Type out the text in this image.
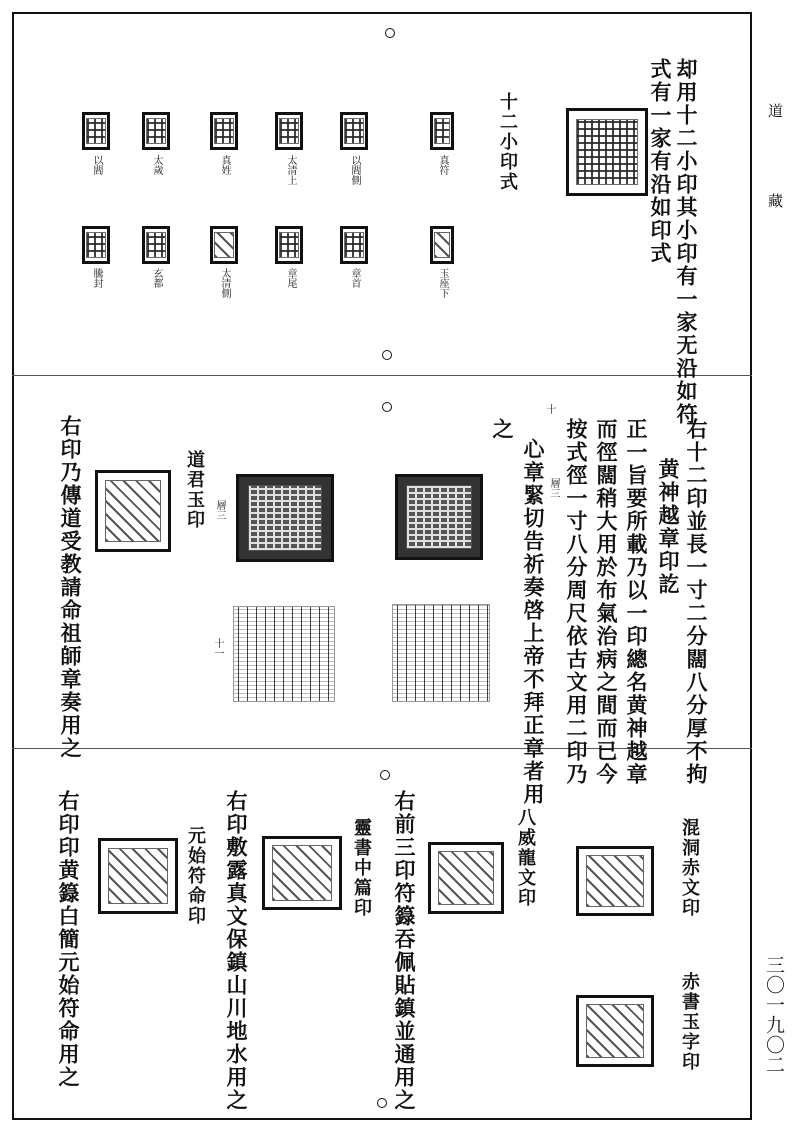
道
藏
三〇一九〇二
却用十二小印其小印有一家无沿如符
式有一家有沿如印式
十二小印式
真符
以閻側
太清上
真姓
太歲
以閻
玉座下
章首
章尾
太清側
玄都
騰封
右十二印並長一寸二分闊八分厚不拘
黄神越章印訖
正一旨要所載乃以一印總名黄神越章
而徑闊稍大用於布氣治病之間而已今
按式徑一寸八分周尺依古文用二印乃
心章緊切告祈奏啓上帝不拜正章者用
之
層三
十
層三
十一
道君玉印
右印乃傳道受教請命祖師章奏用之
混洞赤文印
赤書玉字印
八威龍文印
右前三印符籙吞佩貼鎮並通用之
靈書中篇印
右印敷露真文保鎮山川地水用之
元始符命印
右印印黄籙白簡元始符命用之
